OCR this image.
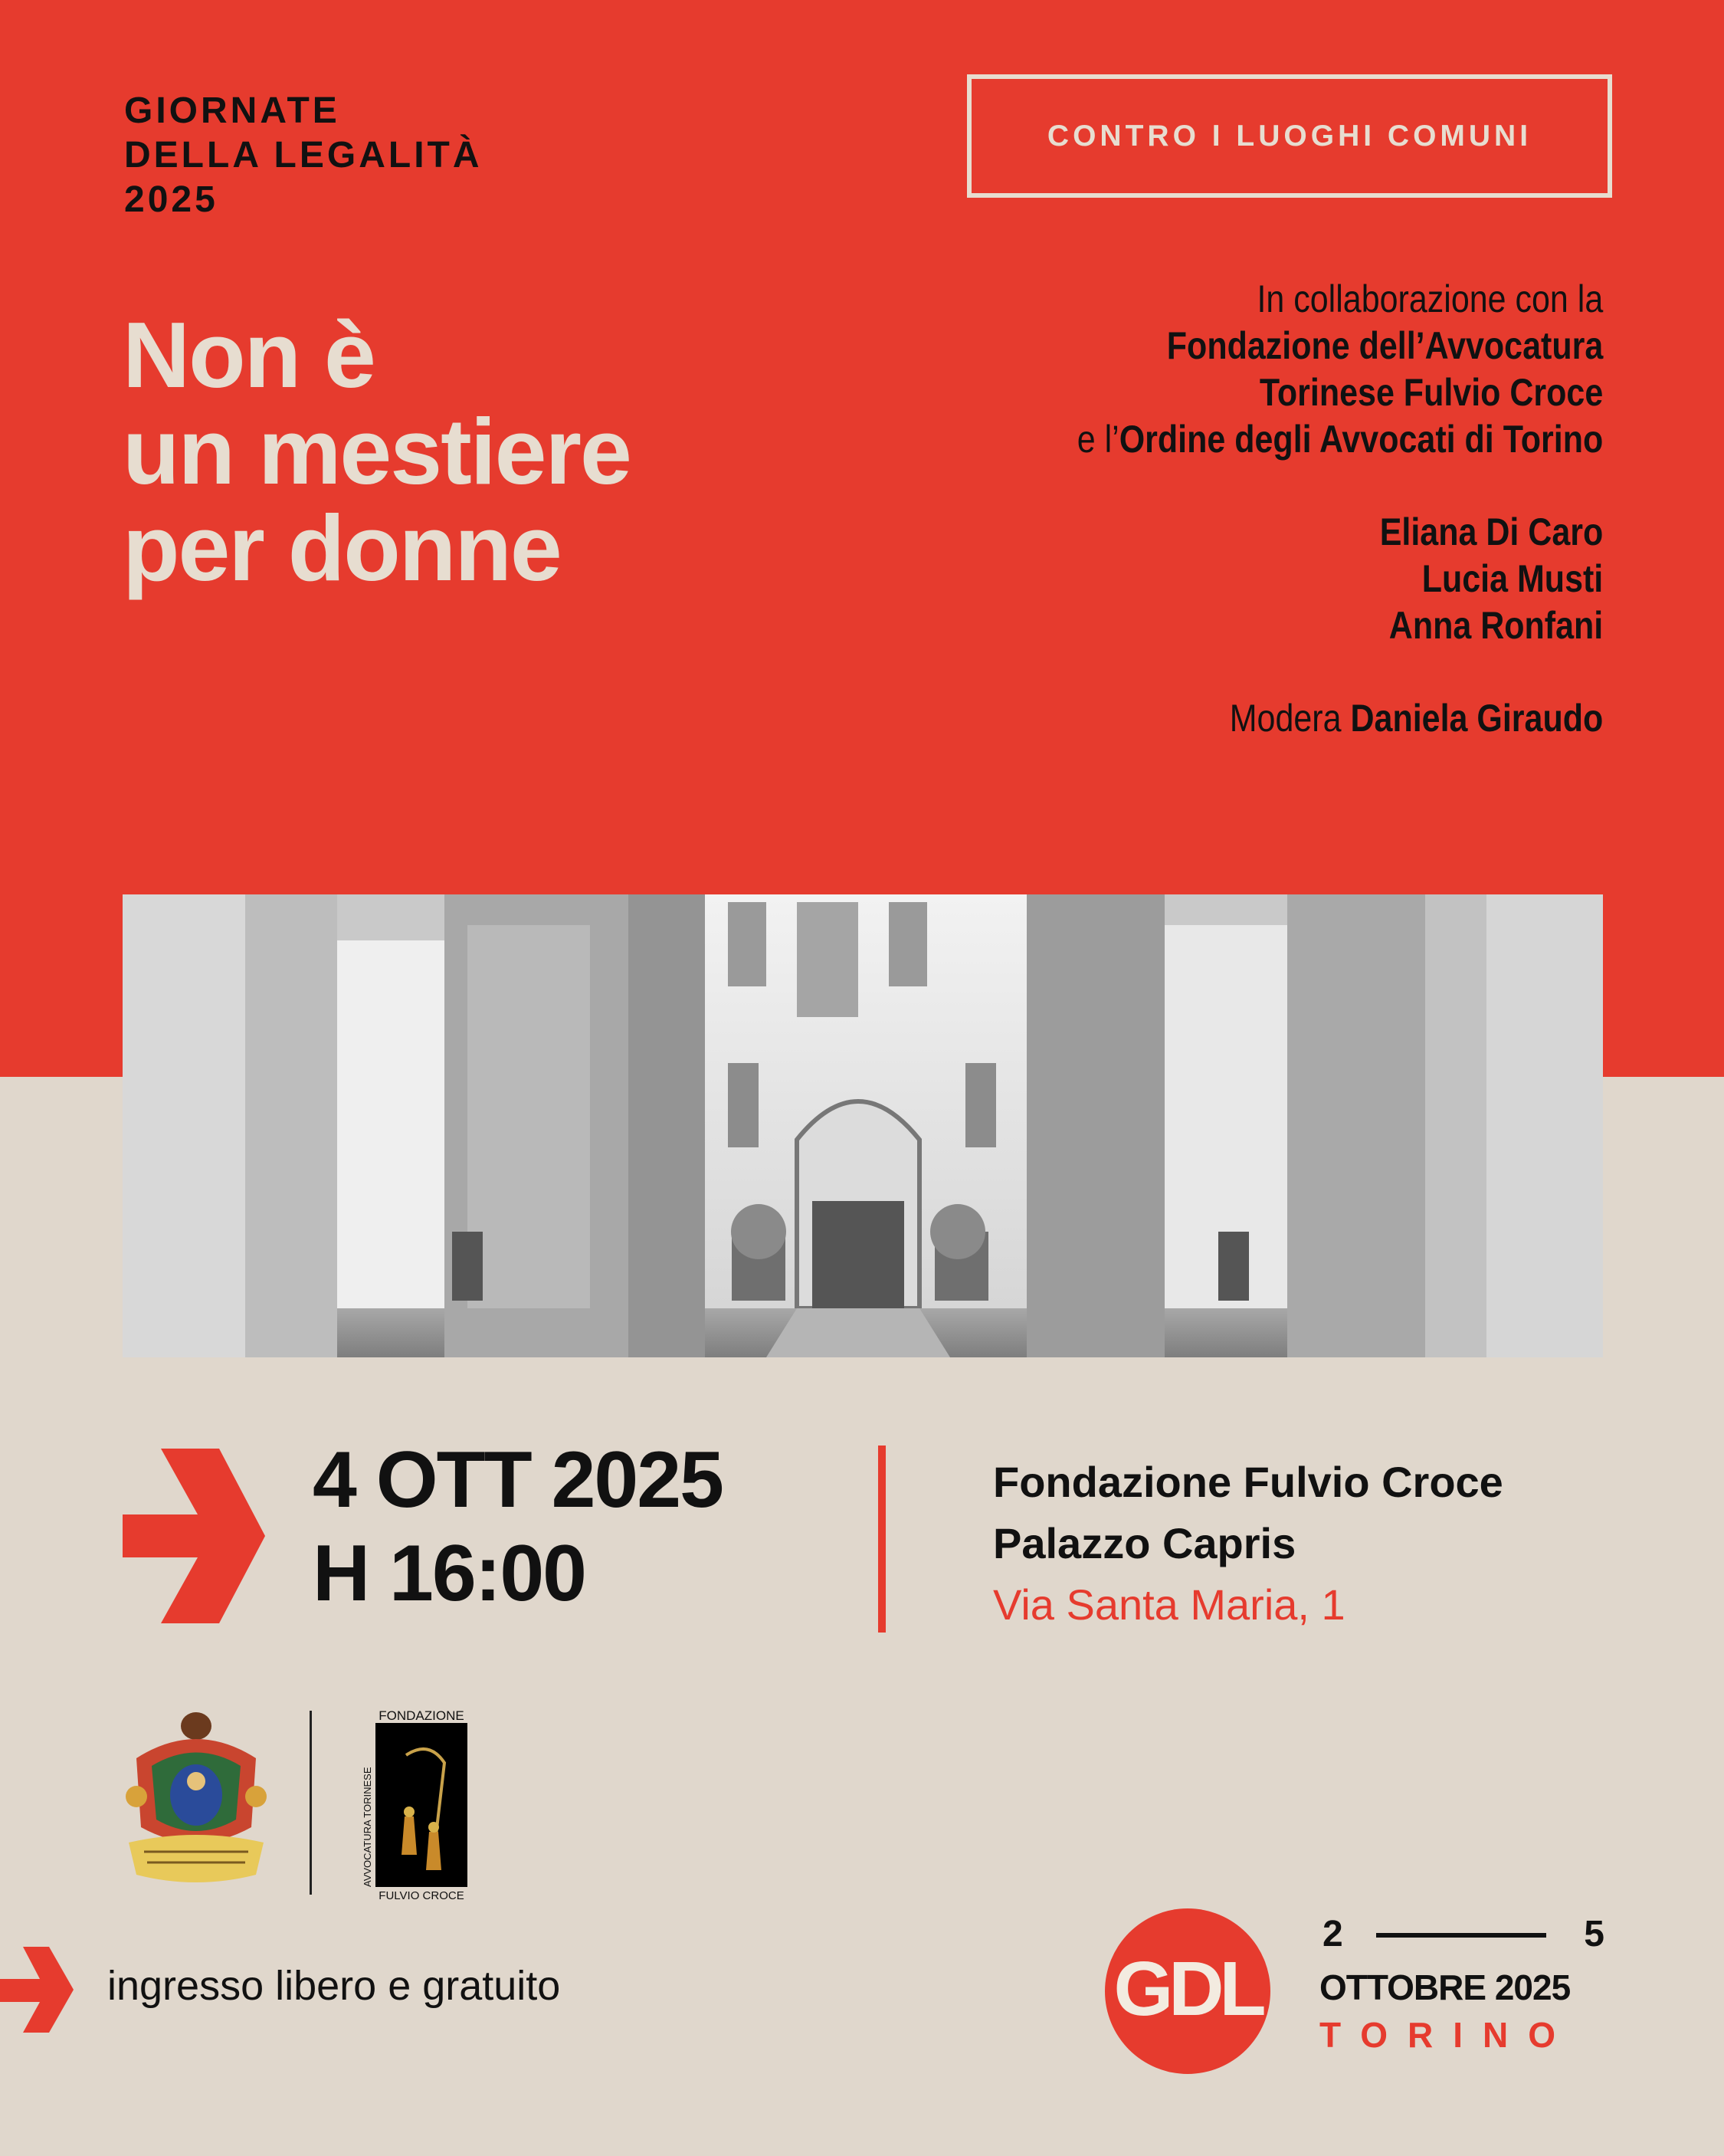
GIORNATE
DELLA LEGALITÀ
2025
CONTRO I LUOGHI COMUNI
Non è
un mestiere
per donne
In collaborazione con la
Fondazione dell’Avvocatura
Torinese Fulvio Croce
e l’Ordine degli Avvocati di Torino
Eliana Di Caro
Lucia Musti
Anna Ronfani
Modera Daniela Giraudo
4 OTT 2025
H 16:00
Fondazione Fulvio Croce
Palazzo Capris
Via Santa Maria, 1
FONDAZIONE
FULVIO CROCE
AVVOCATURA TORINESE
ingresso libero e gratuito	GDL
2	5
OTTOBRE 2025
TORINO
